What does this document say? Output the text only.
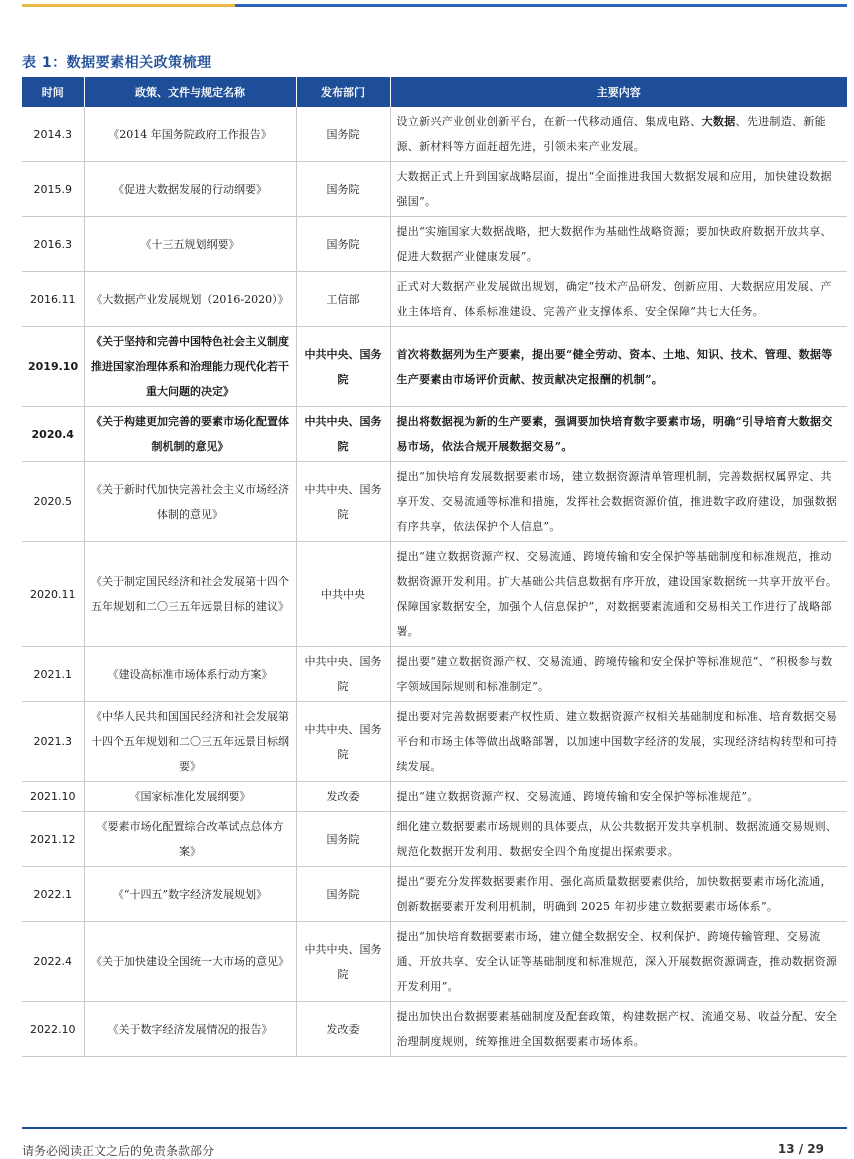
表 1：数据要素相关政策梳理
时间	政策、文件与规定名称	发布部门	主要内容
2014.3	《2014 年国务院政府工作报告》	国务院	设立新兴产业创业创新平台，在新一代移动通信、集成电路、大数据、先进制造、新能源、新材料等方面赶超先进，引领未来产业发展。
2015.9	《促进大数据发展的行动纲要》	国务院	大数据正式上升到国家战略层面，提出“全面推进我国大数据发展和应用，加快建设数据强国”。
2016.3	《十三五规划纲要》	国务院	提出“实施国家大数据战略，把大数据作为基础性战略资源；要加快政府数据开放共享、促进大数据产业健康发展”。
2016.11	《大数据产业发展规划（2016-2020）》	工信部	正式对大数据产业发展做出规划，确定“技术产品研发、创新应用、大数据应用发展、产业主体培育、体系标准建设、完善产业支撑体系、安全保障”共七大任务。
2019.10	《关于坚持和完善中国特色社会主义制度推进国家治理体系和治理能力现代化若干重大问题的决定》	中共中央、国务院	首次将数据列为生产要素，提出要“健全劳动、资本、土地、知识、技术、管理、数据等生产要素由市场评价贡献、按贡献决定报酬的机制”。
2020.4	《关于构建更加完善的要素市场化配置体制机制的意见》	中共中央、国务院	提出将数据视为新的生产要素，强调要加快培育数字要素市场，明确“引导培育大数据交易市场，依法合规开展数据交易”。
2020.5	《关于新时代加快完善社会主义市场经济体制的意见》	中共中央、国务院	提出“加快培育发展数据要素市场，建立数据资源清单管理机制，完善数据权属界定、共享开发、交易流通等标准和措施，发挥社会数据资源价值，推进数字政府建设，加强数据有序共享，依法保护个人信息”。
2020.11	《关于制定国民经济和社会发展第十四个五年规划和二〇三五年远景目标的建议》	中共中央	提出“建立数据资源产权、交易流通、跨境传输和安全保护等基础制度和标准规范，推动数据资源开发利用。扩大基础公共信息数据有序开放，建设国家数据统一共享开放平台。保障国家数据安全，加强个人信息保护”，对数据要素流通和交易相关工作进行了战略部署。
2021.1	《建设高标准市场体系行动方案》	中共中央、国务院	提出要“建立数据资源产权、交易流通、跨境传输和安全保护等标准规范”、“积极参与数字领域国际规则和标准制定”。
2021.3	《中华人民共和国国民经济和社会发展第十四个五年规划和二〇三五年远景目标纲要》	中共中央、国务院	提出要对完善数据要素产权性质、建立数据资源产权相关基础制度和标准、培育数据交易平台和市场主体等做出战略部署，以加速中国数字经济的发展，实现经济结构转型和可持续发展。
2021.10	《国家标准化发展纲要》	发改委	提出“建立数据资源产权、交易流通、跨境传输和安全保护等标准规范”。
2021.12	《要素市场化配置综合改革试点总体方案》	国务院	细化建立数据要素市场规则的具体要点，从公共数据开发共享机制、数据流通交易规则、规范化数据开发利用、数据安全四个角度提出探索要求。
2022.1	《“十四五”数字经济发展规划》	国务院	提出“要充分发挥数据要素作用、强化高质量数据要素供给，加快数据要素市场化流通，创新数据要素开发利用机制，明确到 2025 年初步建立数据要素市场体系”。
2022.4	《关于加快建设全国统一大市场的意见》	中共中央、国务院	提出“加快培育数据要素市场，建立健全数据安全、权利保护、跨境传输管理、交易流通、开放共享、安全认证等基础制度和标准规范，深入开展数据资源调查，推动数据资源开发利用”。
2022.10	《关于数字经济发展情况的报告》	发改委	提出加快出台数据要素基础制度及配套政策，构建数据产权、流通交易、收益分配、安全治理制度规则，统筹推进全国数据要素市场体系。
请务必阅读正文之后的免责条款部分	13 / 29
